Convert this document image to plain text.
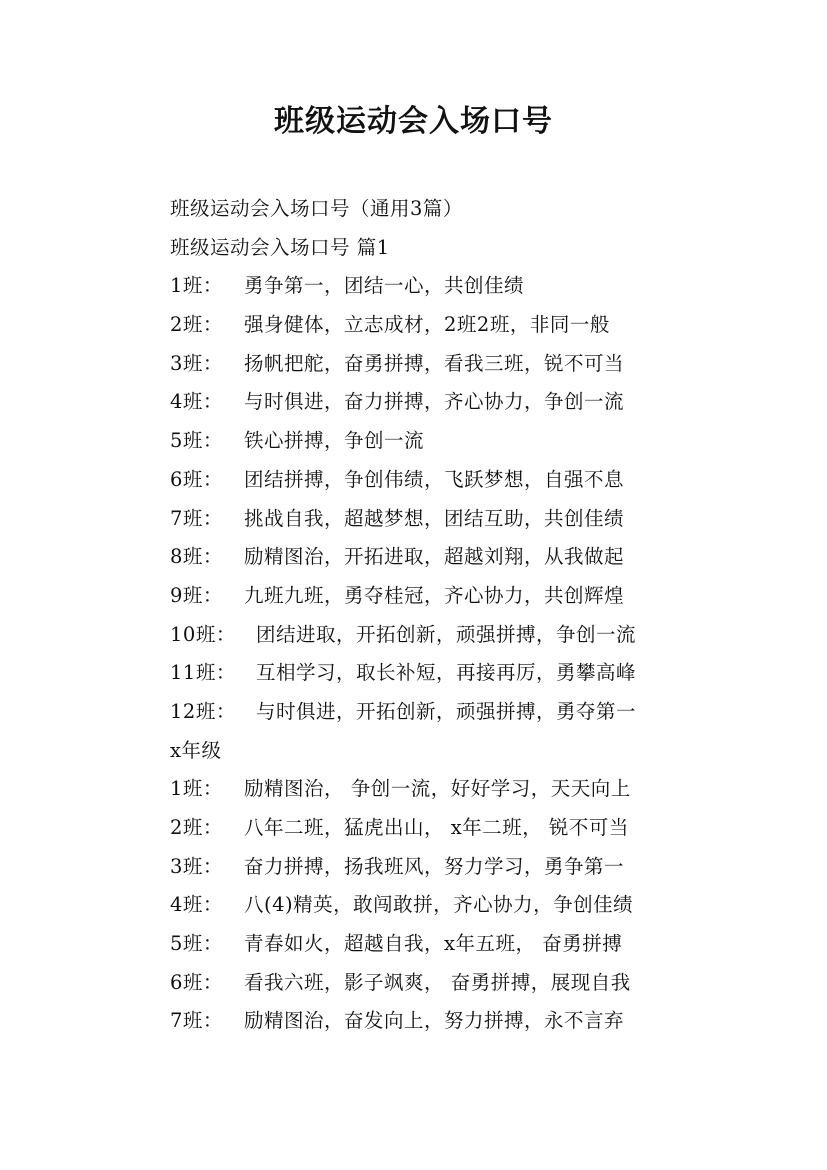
班级运动会入场口号
班级运动会入场口号（通用3篇）
班级运动会入场口号 篇1
1班： 勇争第一，团结一心，共创佳绩
2班： 强身健体，立志成材，2班2班，非同一般
3班： 扬帆把舵，奋勇拼搏，看我三班，锐不可当
4班： 与时俱进，奋力拼搏，齐心协力，争创一流
5班： 铁心拼搏，争创一流
6班： 团结拼搏，争创伟绩，飞跃梦想，自强不息
7班： 挑战自我，超越梦想，团结互助，共创佳绩
8班： 励精图治，开拓进取，超越刘翔，从我做起
9班： 九班九班，勇夺桂冠，齐心协力，共创辉煌
10班： 团结进取，开拓创新，顽强拼搏，争创一流
11班： 互相学习，取长补短，再接再厉，勇攀高峰
12班： 与时俱进，开拓创新，顽强拼搏，勇夺第一
x年级
1班： 励精图治， 争创一流，好好学习，天天向上
2班： 八年二班，猛虎出山， x年二班， 锐不可当
3班： 奋力拼搏，扬我班风，努力学习，勇争第一
4班： 八(4)精英，敢闯敢拼，齐心协力，争创佳绩
5班： 青春如火，超越自我，x年五班， 奋勇拼搏
6班： 看我六班，影子飒爽， 奋勇拼搏，展现自我
7班： 励精图治，奋发向上，努力拼搏，永不言弃
